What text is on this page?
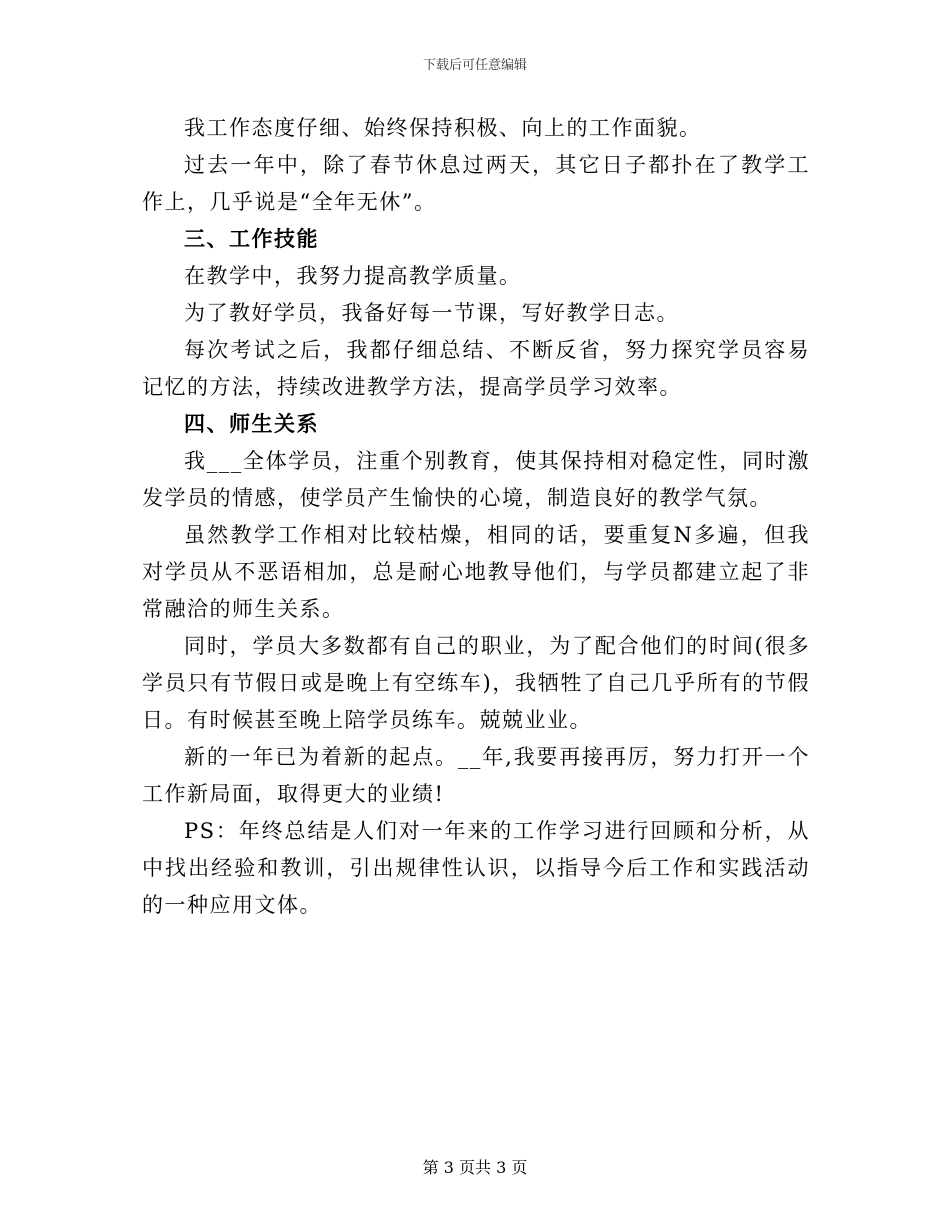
下载后可任意编辑

我工作态度仔细、始终保持积极、向上的工作面貌。

过去一年中，除了春节休息过两天，其它日子都扑在了教学工作上，几乎说是“全年无休”。

三、工作技能

在教学中，我努力提高教学质量。

为了教好学员，我备好每一节课，写好教学日志。

每次考试之后，我都仔细总结、不断反省，努力探究学员容易记忆的方法，持续改进教学方法，提高学员学习效率。

四、师生关系

我___全体学员，注重个别教育，使其保持相对稳定性，同时激发学员的情感，使学员产生愉快的心境，制造良好的教学气氛。

虽然教学工作相对比较枯燥，相同的话，要重复N多遍，但我对学员从不恶语相加，总是耐心地教导他们，与学员都建立起了非常融洽的师生关系。

同时，学员大多数都有自己的职业，为了配合他们的时间(很多学员只有节假日或是晚上有空练车)，我牺牲了自己几乎所有的节假日。有时候甚至晚上陪学员练车。兢兢业业。

新的一年已为着新的起点。__年,我要再接再厉，努力打开一个工作新局面，取得更大的业绩!

PS：年终总结是人们对一年来的工作学习进行回顾和分析，从中找出经验和教训，引出规律性认识，以指导今后工作和实践活动的一种应用文体。

第 3 页共 3 页
